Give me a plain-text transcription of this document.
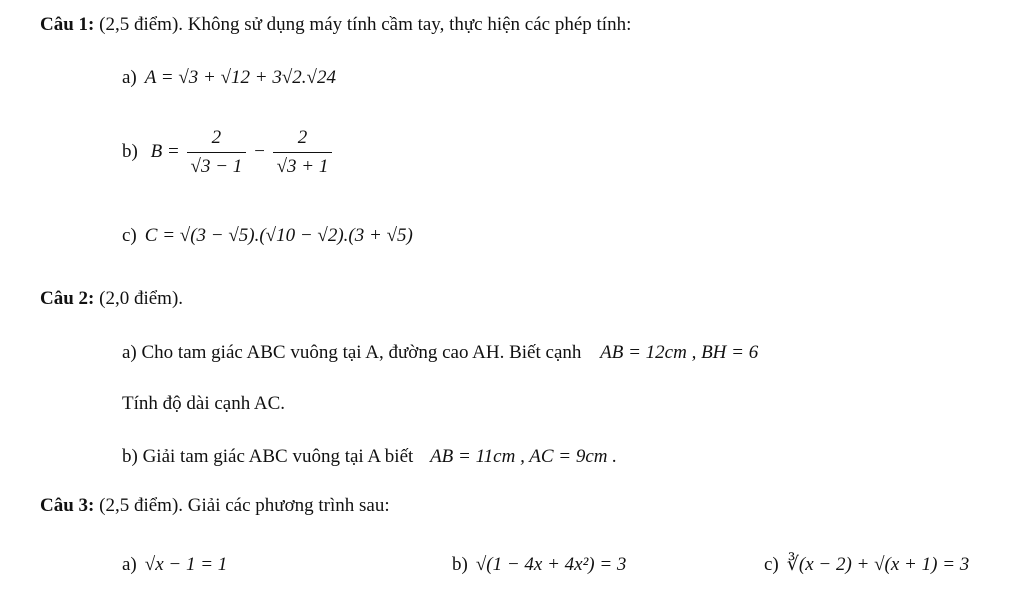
Câu 1: (2,5 điểm). Không sử dụng máy tính cầm tay, thực hiện các phép tính:
a) A = √3 + √12 + 3√2.√24
b) $B = \frac{2}{√3 - 1} - \frac{2}{√3 + 1}$
c) C = √(3 − √5).(√10 − √2).(3 + √5)
Câu 2: (2,0 điểm).
a) Cho tam giác ABC vuông tại A, đường cao AH. Biết cạnh AB = 12cm , BH = 6
Tính độ dài cạnh AC.
b) Giải tam giác ABC vuông tại A biết AB = 11cm , AC = 9cm .
Câu 3: (2,5 điểm). Giải các phương trình sau:
a) √x − 1 = 1	b) √(1 − 4x + 4x²) = 3	c) ∛(x − 2) + √(x + 1) = 3
